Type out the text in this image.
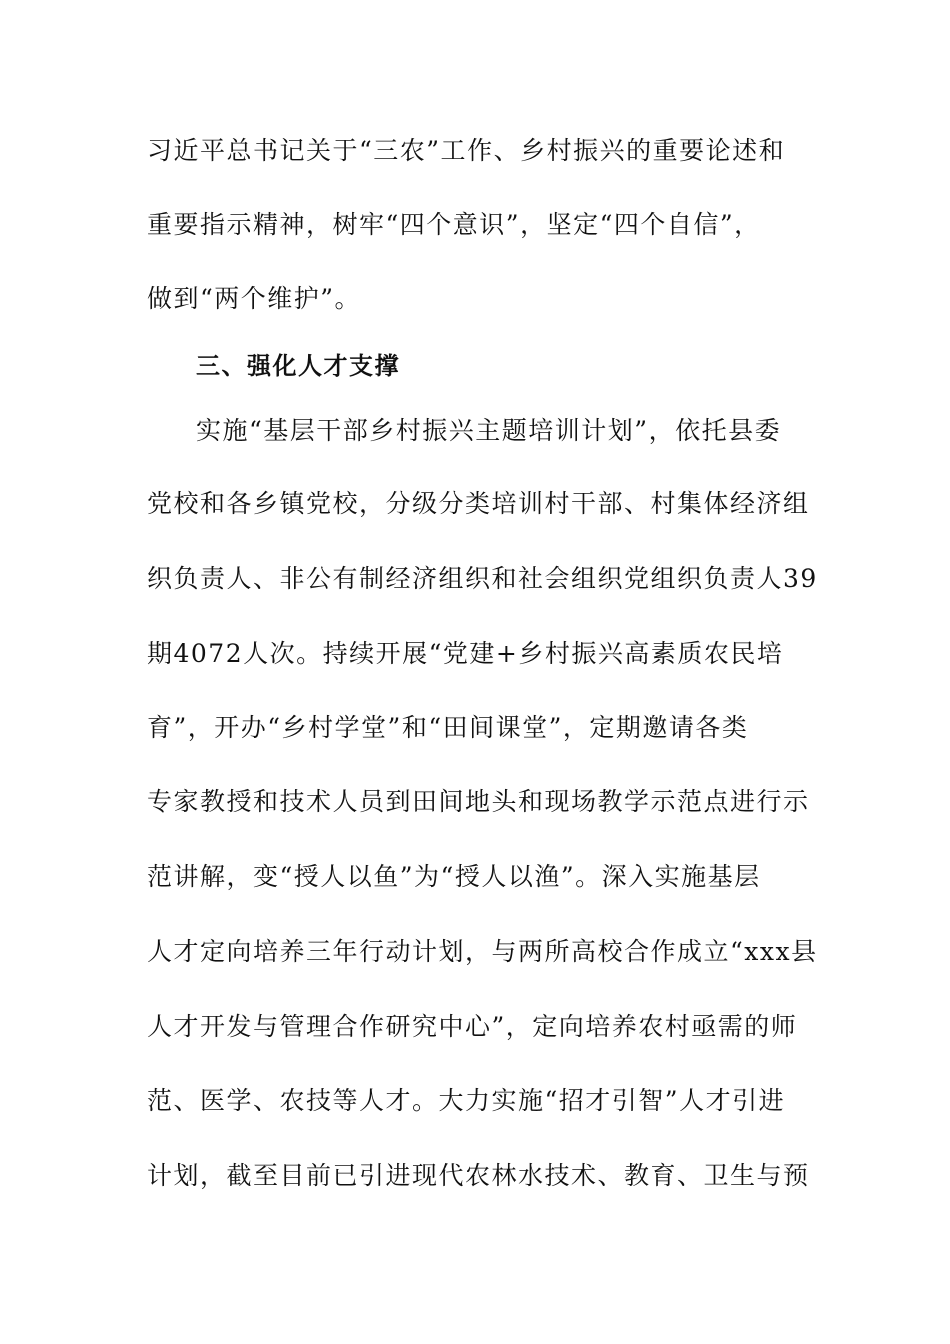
习近平总书记关于“三农”工作、乡村振兴的重要论述和
重要指示精神，树牢“四个意识”，坚定“四个自信”，
做到“两个维护”。
三、强化人才支撑
实施“基层干部乡村振兴主题培训计划”，依托县委
党校和各乡镇党校，分级分类培训村干部、村集体经济组
织负责人、非公有制经济组织和社会组织党组织负责人39
期4072人次。持续开展“党建+乡村振兴高素质农民培
育”，开办“乡村学堂”和“田间课堂”，定期邀请各类
专家教授和技术人员到田间地头和现场教学示范点进行示
范讲解，变“授人以鱼”为“授人以渔”。深入实施基层
人才定向培养三年行动计划，与两所高校合作成立“xxx县
人才开发与管理合作研究中心”，定向培养农村亟需的师
范、医学、农技等人才。大力实施“招才引智”人才引进
计划，截至目前已引进现代农林水技术、教育、卫生与预
